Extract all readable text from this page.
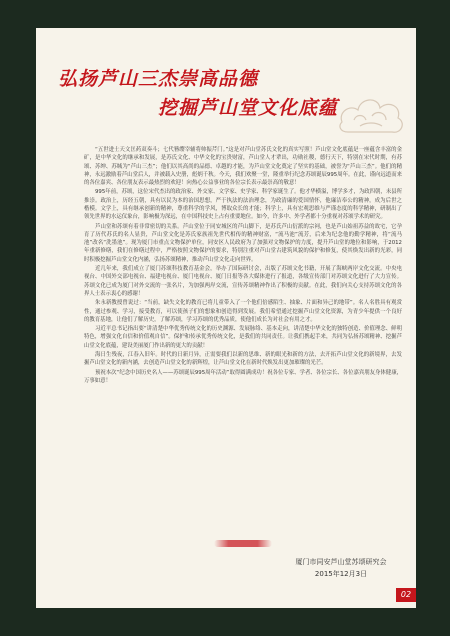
弘扬芦山三杰崇高品德
挖掘芦山堂文化底蕴

“五世进士天文匡药双奏斗；七代簪缨宰辅将帅振芹门。”这是对芦山堂苏氏文化的真实写照！芦山堂文化底蕴是一座蕴含丰富的金矿，是中华文化的继承和发展，是苏氏文化、中华文化的宝贵财富，芦山堂人才辈出，功勋社稷，德行天下，特别在宋代时期，有苏颂、苏绅、苏缄为“芦山三杰”；他们以其高尚的品德、卓越的才能，为芦山堂文化奠定了坚实的基础，被誉为“芦山三杰”。他们的精神，永远激励着芦山堂后人，并被载入史册，彪炳千秋。今天，我们欢聚一堂，隆重举行纪念苏颂诞辰995周年。在此，谨向远道而来的各位嘉宾、各位朋友表示最热烈的欢迎！向热心公益事业的各位宗长表示最崇高的敬意！

995年前，苏颂，这位宋代杰出的政治家、外交家、文学家、史学家、科学家诞生了。他才华横溢，博学多才，为政四朝，未县所推崇。政治上，历经五朝，具有以民为本的治国思想，严于执法的法治理念，为政清廉的爱国情怀，他廉洁奉公的精神，成为后世之楷模。文学上，具有继承创新的精神，尊重科学的学风，博取众长的才能；科学上，具有宏观思维与严谨态度的科学精神，研制出了领先世界的水运仪象台，影响极为深远，在中国科技史上占有重要地位。如今，许多中、外学者都十分重视对苏颂学术的研究。

芦山堂和苏颂有着非常密切的关系。芦山堂位于同安城区的芦山脚下，是苏氏芦山衍派的宗祠，也是芦山始祖苏益的故宅，它孕育了历代苏氏的名人显贵，芦山堂文化是苏氏家族祖先世代相传的精神财富，“流马池”流芳，后来为纪念他的勤学精神，将“流马池”改名“洗墨池”。现为厦门市重点文物保护单位，同安区人民政府为了加强对文物保护的力度，提升芦山堂的地位和影响，于2012年重新修缮，我们在修缮过程中，严格按照文物保护的要求，特别注重对芦山堂古建筑风貌的保护和修复，使其焕发出新的光彩，同时积极挖掘芦山堂文化内涵，弘扬苏颂精神，推动芦山堂文化走向世界。

近几年来，我们成立了厦门苏颂科技教育基金会，举办了国际研讨会，出版了苏颂文化书籍，开展了海峡两岸文化交流。中央电视台、中国外交部电视台、福建电视台、厦门电视台、厦门日报等各大媒体进行了报道，各级宣传部门对苏颂文化进行了大力宣传。苏颂文化已成为厦门对外交流的一张名片，为加强两岸交流，宣传苏颂精神作出了积极的贡献。在此，我们向关心支持苏颂文化的各界人士表示衷心的感谢！

朱永新教授曾说过：“当前，缺失文化的教育已将儿童带入了一个他们倍感陌生、抽象、片面和异己的地带”。名人名胜具有观赏性，通过参观、学习，接受教育，可以使孩子们的想象和创造得到发展。我们希望通过挖掘芦山堂文化资源，为青少年提供一个良好的教育基地，让他们了解历史，了解苏颂，学习苏颂的优秀品质，使他们成长为对社会有用之才。

习近平总书记指出要“讲清楚中华优秀传统文化的历史渊源、发展脉络、基本走向，讲清楚中华文化的独特创造、价值理念、鲜明特色，增强文化自信和价值观自信”。保护和传承优秀传统文化，是我们的共同责任。让我们携起手来，共同为弘扬苏颂精神、挖掘芦山堂文化底蕴，建设美丽厦门作出新的更大的贡献！

海日生残夜，江春入旧年。时代的日新月异，正需要我们以新的思维、新的眼光和新的方法，去开拓芦山堂文化的新境界，去发掘芦山堂文化的新内涵，去创造芦山堂文化的新辉煌，让芦山堂文化在新时代焕发出更加璀璨的光芒。

预祝本次“纪念中国历史名人——苏颂诞辰995周年活动”取得圆满成功！祝各位专家、学者、各位宗长、各位嘉宾朋友身体健康，万事如意！

厦门市同安芦山堂苏颂研究会
2015年12月3日
02
